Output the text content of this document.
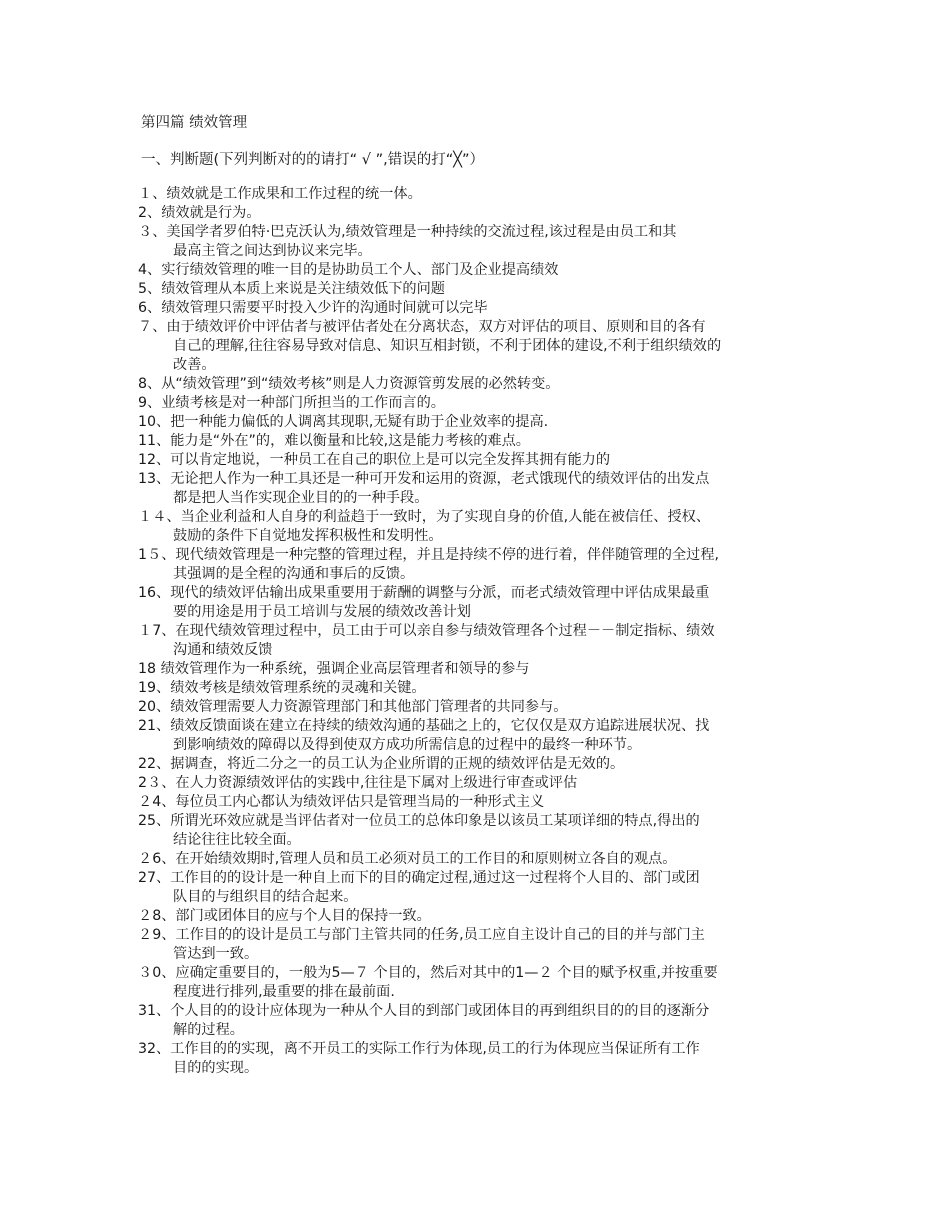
第四篇 绩效管理
一、判断题(下列判断对的的请打“ √ ”,错误的打“╳”）
１、绩效就是工作成果和工作过程的统一体。
2、绩效就是行为。
３、美国学者罗伯特·巴克沃认为,绩效管理是一种持续的交流过程,该过程是由员工和其
最高主管之间达到协议来完毕。
4、实行绩效管理的唯一目的是协助员工个人、部门及企业提高绩效
5、绩效管理从本质上来说是关注绩效低下的问题
6、绩效管理只需要平时投入少许的沟通时间就可以完毕
７、由于绩效评价中评估者与被评估者处在分离状态，双方对评估的项目、原则和目的各有
自己的理解,往往容易导致对信息、知识互相封锁，不利于团体的建设,不利于组织绩效的
改善。
8、从“绩效管理”到“绩效考核”则是人力资源管剪发展的必然转变。
9、业绩考核是对一种部门所担当的工作而言的。
10、把一种能力偏低的人调离其现职,无疑有助于企业效率的提高.
11、能力是“外在”的，难以衡量和比较,这是能力考核的难点。
12、可以肯定地说，一种员工在自己的职位上是可以完全发挥其拥有能力的
13、无论把人作为一种工具还是一种可开发和运用的资源，老式饿现代的绩效评估的出发点
都是把人当作实现企业目的的一种手段。
１４、当企业利益和人自身的利益趋于一致时，为了实现自身的价值,人能在被信任、授权、
鼓励的条件下自觉地发挥积极性和发明性。
1５、现代绩效管理是一种完整的管理过程，并且是持续不停的进行着，伴伴随管理的全过程,
其强调的是全程的沟通和事后的反馈。
16、现代的绩效评估输出成果重要用于薪酬的调整与分派，而老式绩效管理中评估成果最重
要的用途是用于员工培训与发展的绩效改善计划
１7、在现代绩效管理过程中，员工由于可以亲自参与绩效管理各个过程－－制定指标、绩效
沟通和绩效反馈
18 绩效管理作为一种系统，强调企业高层管理者和领导的参与
19、绩效考核是绩效管理系统的灵魂和关键。
20、绩效管理需要人力资源管理部门和其他部门管理者的共同参与。
21、绩效反馈面谈在建立在持续的绩效沟通的基础之上的，它仅仅是双方追踪进展状况、找
到影响绩效的障碍以及得到使双方成功所需信息的过程中的最终一种环节。
22、据调查，将近二分之一的员工认为企业所谓的正规的绩效评估是无效的。
2３、在人力资源绩效评估的实践中,往往是下属对上级进行审查或评估
２4、每位员工内心都认为绩效评估只是管理当局的一种形式主义
25、所谓光环效应就是当评估者对一位员工的总体印象是以该员工某项详细的特点,得出的
结论往往比较全面。
２6、在开始绩效期时,管理人员和员工必须对员工的工作目的和原则树立各自的观点。
27、工作目的的设计是一种自上而下的目的确定过程,通过这一过程将个人目的、部门或团
队目的与组织目的结合起来。
２8、部门或团体目的应与个人目的保持一致。
２9、工作目的的设计是员工与部门主管共同的任务,员工应自主设计自己的目的并与部门主
管达到一致。
３0、应确定重要目的，一般为5—７ 个目的，然后对其中的1—２ 个目的赋予权重,并按重要
程度进行排列,最重要的排在最前面.
31、个人目的的设计应体现为一种从个人目的到部门或团体目的再到组织目的的目的逐渐分
解的过程。
32、工作目的的实现，离不开员工的实际工作行为体现,员工的行为体现应当保证所有工作
目的的实现。
